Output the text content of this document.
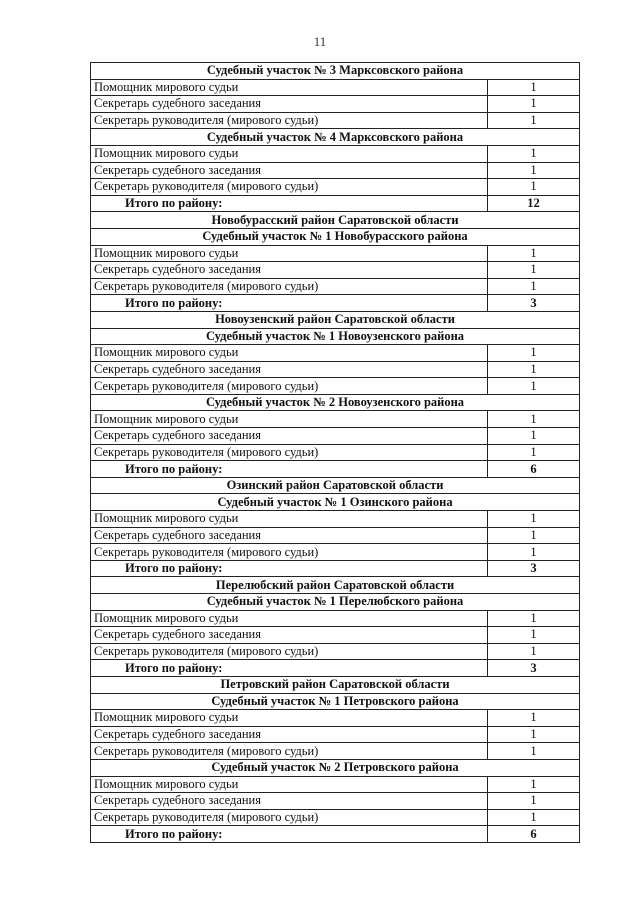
11
Судебный участок № 3 Марксовского района	
Помощник мирового судьи	1
Секретарь судебного заседания	1
Секретарь руководителя (мирового судьи)	1
Судебный участок № 4 Марксовского района	
Помощник мирового судьи	1
Секретарь судебного заседания	1
Секретарь руководителя (мирового судьи)	1
Итого по району:	12
Новобурасский район Саратовской области	
Судебный участок № 1 Новобурасского района	
Помощник мирового судьи	1
Секретарь судебного заседания	1
Секретарь руководителя (мирового судьи)	1
Итого по району:	3
Новоузенский район Саратовской области	
Судебный участок № 1 Новоузенского района	
Помощник мирового судьи	1
Секретарь судебного заседания	1
Секретарь руководителя (мирового судьи)	1
Судебный участок № 2 Новоузенского района	
Помощник мирового судьи	1
Секретарь судебного заседания	1
Секретарь руководителя (мирового судьи)	1
Итого по району:	6
Озинский район Саратовской области	
Судебный участок № 1 Озинского района	
Помощник мирового судьи	1
Секретарь судебного заседания	1
Секретарь руководителя (мирового судьи)	1
Итого по району:	3
Перелюбский район Саратовской области	
Судебный участок № 1 Перелюбского района	
Помощник мирового судьи	1
Секретарь судебного заседания	1
Секретарь руководителя (мирового судьи)	1
Итого по району:	3
Петровский район Саратовской области	
Судебный участок № 1 Петровского района	
Помощник мирового судьи	1
Секретарь судебного заседания	1
Секретарь руководителя (мирового судьи)	1
Судебный участок № 2 Петровского района	
Помощник мирового судьи	1
Секретарь судебного заседания	1
Секретарь руководителя (мирового судьи)	1
Итого по району:	6
